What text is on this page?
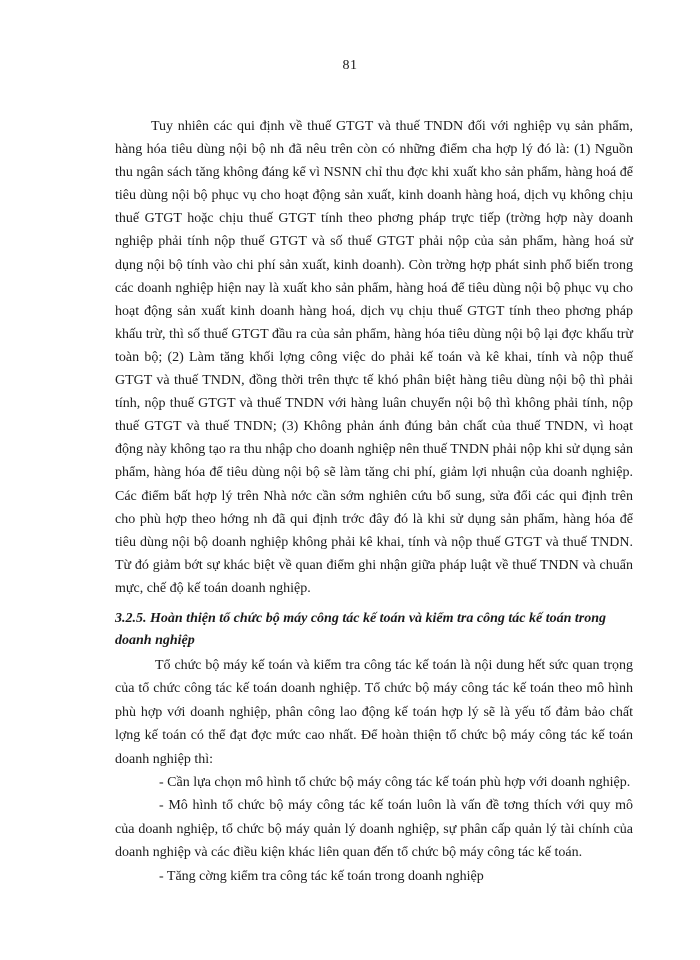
81

Tuy nhiên các qui định về thuế GTGT và thuế TNDN đối với nghiệp vụ sản phẩm, hàng hóa tiêu dùng nội bộ nh đã nêu trên còn có những điểm cha hợp lý đó là: (1) Nguồn thu ngân sách tăng không đáng kể vì NSNN chỉ thu đợc khi xuất kho sản phẩm, hàng hoá để tiêu dùng nội bộ phục vụ cho hoạt động sản xuất, kinh doanh hàng hoá, dịch vụ không chịu thuế GTGT hoặc chịu thuế GTGT tính theo phơng pháp trực tiếp (trờng hợp này doanh nghiệp phải tính nộp thuế GTGT và số thuế GTGT phải nộp của sản phẩm, hàng hoá sử dụng nội bộ tính vào chi phí sản xuất, kinh doanh). Còn trờng hợp phát sinh phổ biến trong các doanh nghiệp hiện nay là xuất kho sản phẩm, hàng hoá để tiêu dùng nội bộ phục vụ cho hoạt động sản xuất kinh doanh hàng hoá, dịch vụ chịu thuế GTGT tính theo phơng pháp khấu trừ, thì số thuế GTGT đầu ra của sản phẩm, hàng hóa tiêu dùng nội bộ lại đợc khấu trừ toàn bộ; (2) Làm tăng khối lợng công việc do phải kế toán và kê khai, tính và nộp thuế GTGT và thuế TNDN, đồng thời trên thực tế khó phân biệt hàng tiêu dùng nội bộ thì phải tính, nộp thuế GTGT và thuế TNDN với hàng luân chuyển nội bộ thì không phải tính, nộp thuế GTGT và thuế TNDN; (3) Không phản ánh đúng bản chất của thuế TNDN, vì hoạt động này không tạo ra thu nhập cho doanh nghiệp nên thuế TNDN phải nộp khi sử dụng sản phẩm, hàng hóa để tiêu dùng nội bộ sẽ làm tăng chi phí, giảm lợi nhuận của doanh nghiệp. Các điểm bất hợp lý trên Nhà nớc cần sớm nghiên cứu bổ sung, sửa đổi các qui định trên cho phù hợp theo hớng nh đã qui định trớc đây đó là khi sử dụng sản phẩm, hàng hóa để tiêu dùng nội bộ doanh nghiệp không phải kê khai, tính và nộp thuế GTGT và thuế TNDN. Từ đó giảm bớt sự khác biệt về quan điểm ghi nhận giữa pháp luật về thuế TNDN và chuẩn mực, chế độ kế toán doanh nghiệp.

3.2.5. Hoàn thiện tổ chức bộ máy công tác kế toán và kiểm tra công tác kế toán trong doanh nghiệp

Tổ chức bộ máy kế toán và kiểm tra công tác kế toán là nội dung hết sức quan trọng của tổ chức công tác kế toán doanh nghiệp. Tổ chức bộ máy công tác kế toán theo mô hình phù hợp với doanh nghiệp, phân công lao động kế toán hợp lý sẽ là yếu tố đảm bảo chất lợng kế toán có thể đạt đợc mức cao nhất. Để hoàn thiện tổ chức bộ máy công tác kế toán doanh nghiệp thì:

- Cần lựa chọn mô hình tổ chức bộ máy công tác kế toán phù hợp với doanh nghiệp.

- Mô hình tổ chức bộ máy công tác kế toán luôn là vấn đề tơng thích với quy mô của doanh nghiệp, tổ chức bộ máy quản lý doanh nghiệp, sự phân cấp quản lý tài chính của doanh nghiệp và các điều kiện khác liên quan đến tổ chức bộ máy công tác kế toán.

- Tăng cờng kiểm tra công tác kế toán trong doanh nghiệp
